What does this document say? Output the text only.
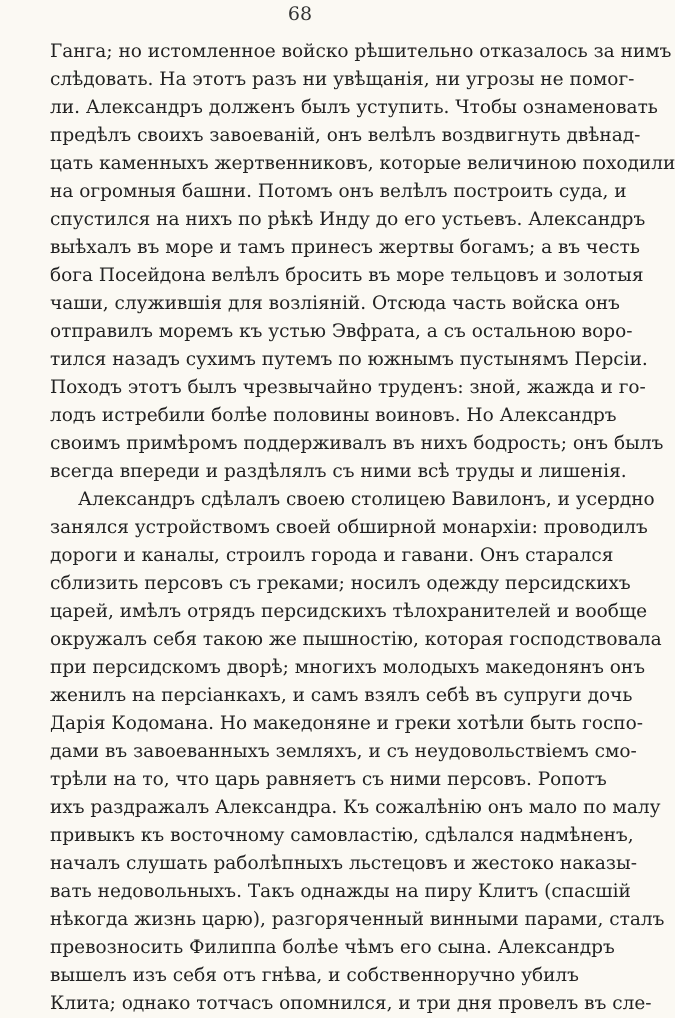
68
Ганга; но истомленное войско рѣшительно отказалось за нимъ
слѣдовать. На этотъ разъ ни увѣщанія, ни угрозы не помог-
ли. Александръ долженъ былъ уступить. Чтобы ознаменовать
предѣлъ своихъ завоеваній, онъ велѣлъ воздвигнуть двѣнад-
цать каменныхъ жертвенниковъ, которые величиною походили
на огромныя башни. Потомъ онъ велѣлъ построить суда, и
спустился на нихъ по рѣкѣ Инду до его устьевъ. Александръ
выѣхалъ въ море и тамъ принесъ жертвы богамъ; а въ честь
бога Посейдона велѣлъ бросить въ море тельцовъ и золотыя
чаши, служившія для возліяній. Отсюда часть войска онъ
отправилъ моремъ къ устью Эвфрата, а съ остальною воро-
тился назадъ сухимъ путемъ по южнымъ пустынямъ Персіи.
Походъ этотъ былъ чрезвычайно труденъ: зной, жажда и го-
лодъ истребили болѣе половины воиновъ. Но Александръ
своимъ примѣромъ поддерживалъ въ нихъ бодрость; онъ былъ
всегда впереди и раздѣлялъ съ ними всѣ труды и лишенія.
Александръ сдѣлалъ своею столицею Вавилонъ, и усердно
занялся устройствомъ своей обширной монархіи: проводилъ
дороги и каналы, строилъ города и гавани. Онъ старался
сблизить персовъ съ греками; носилъ одежду персидскихъ
царей, имѣлъ отрядъ персидскихъ тѣлохранителей и вообще
окружалъ себя такою же пышностію, которая господствовала
при персидскомъ дворѣ; многихъ молодыхъ македонянъ онъ
женилъ на персіанкахъ, и самъ взялъ себѣ въ супруги дочь
Дарія Кодомана. Но македоняне и греки хотѣли быть госпо-
дами въ завоеванныхъ земляхъ, и съ неудовольствіемъ смо-
трѣли на то, что царь равняетъ съ ними персовъ. Ропотъ
ихъ раздражалъ Александра. Къ сожалѣнію онъ мало по малу
привыкъ къ восточному самовластію, сдѣлался надмѣненъ,
началъ слушать раболѣпныхъ льстецовъ и жестоко наказы-
вать недовольныхъ. Такъ однажды на пиру Клитъ (спасшій
нѣкогда жизнь царю), разгоряченный винными парами, сталъ
превозносить Филиппа болѣе чѣмъ его сына. Александръ
вышелъ изъ себя отъ гнѣва, и собственноручно убилъ
Клита; однако тотчасъ опомнился, и три дня провелъ въ сле-
